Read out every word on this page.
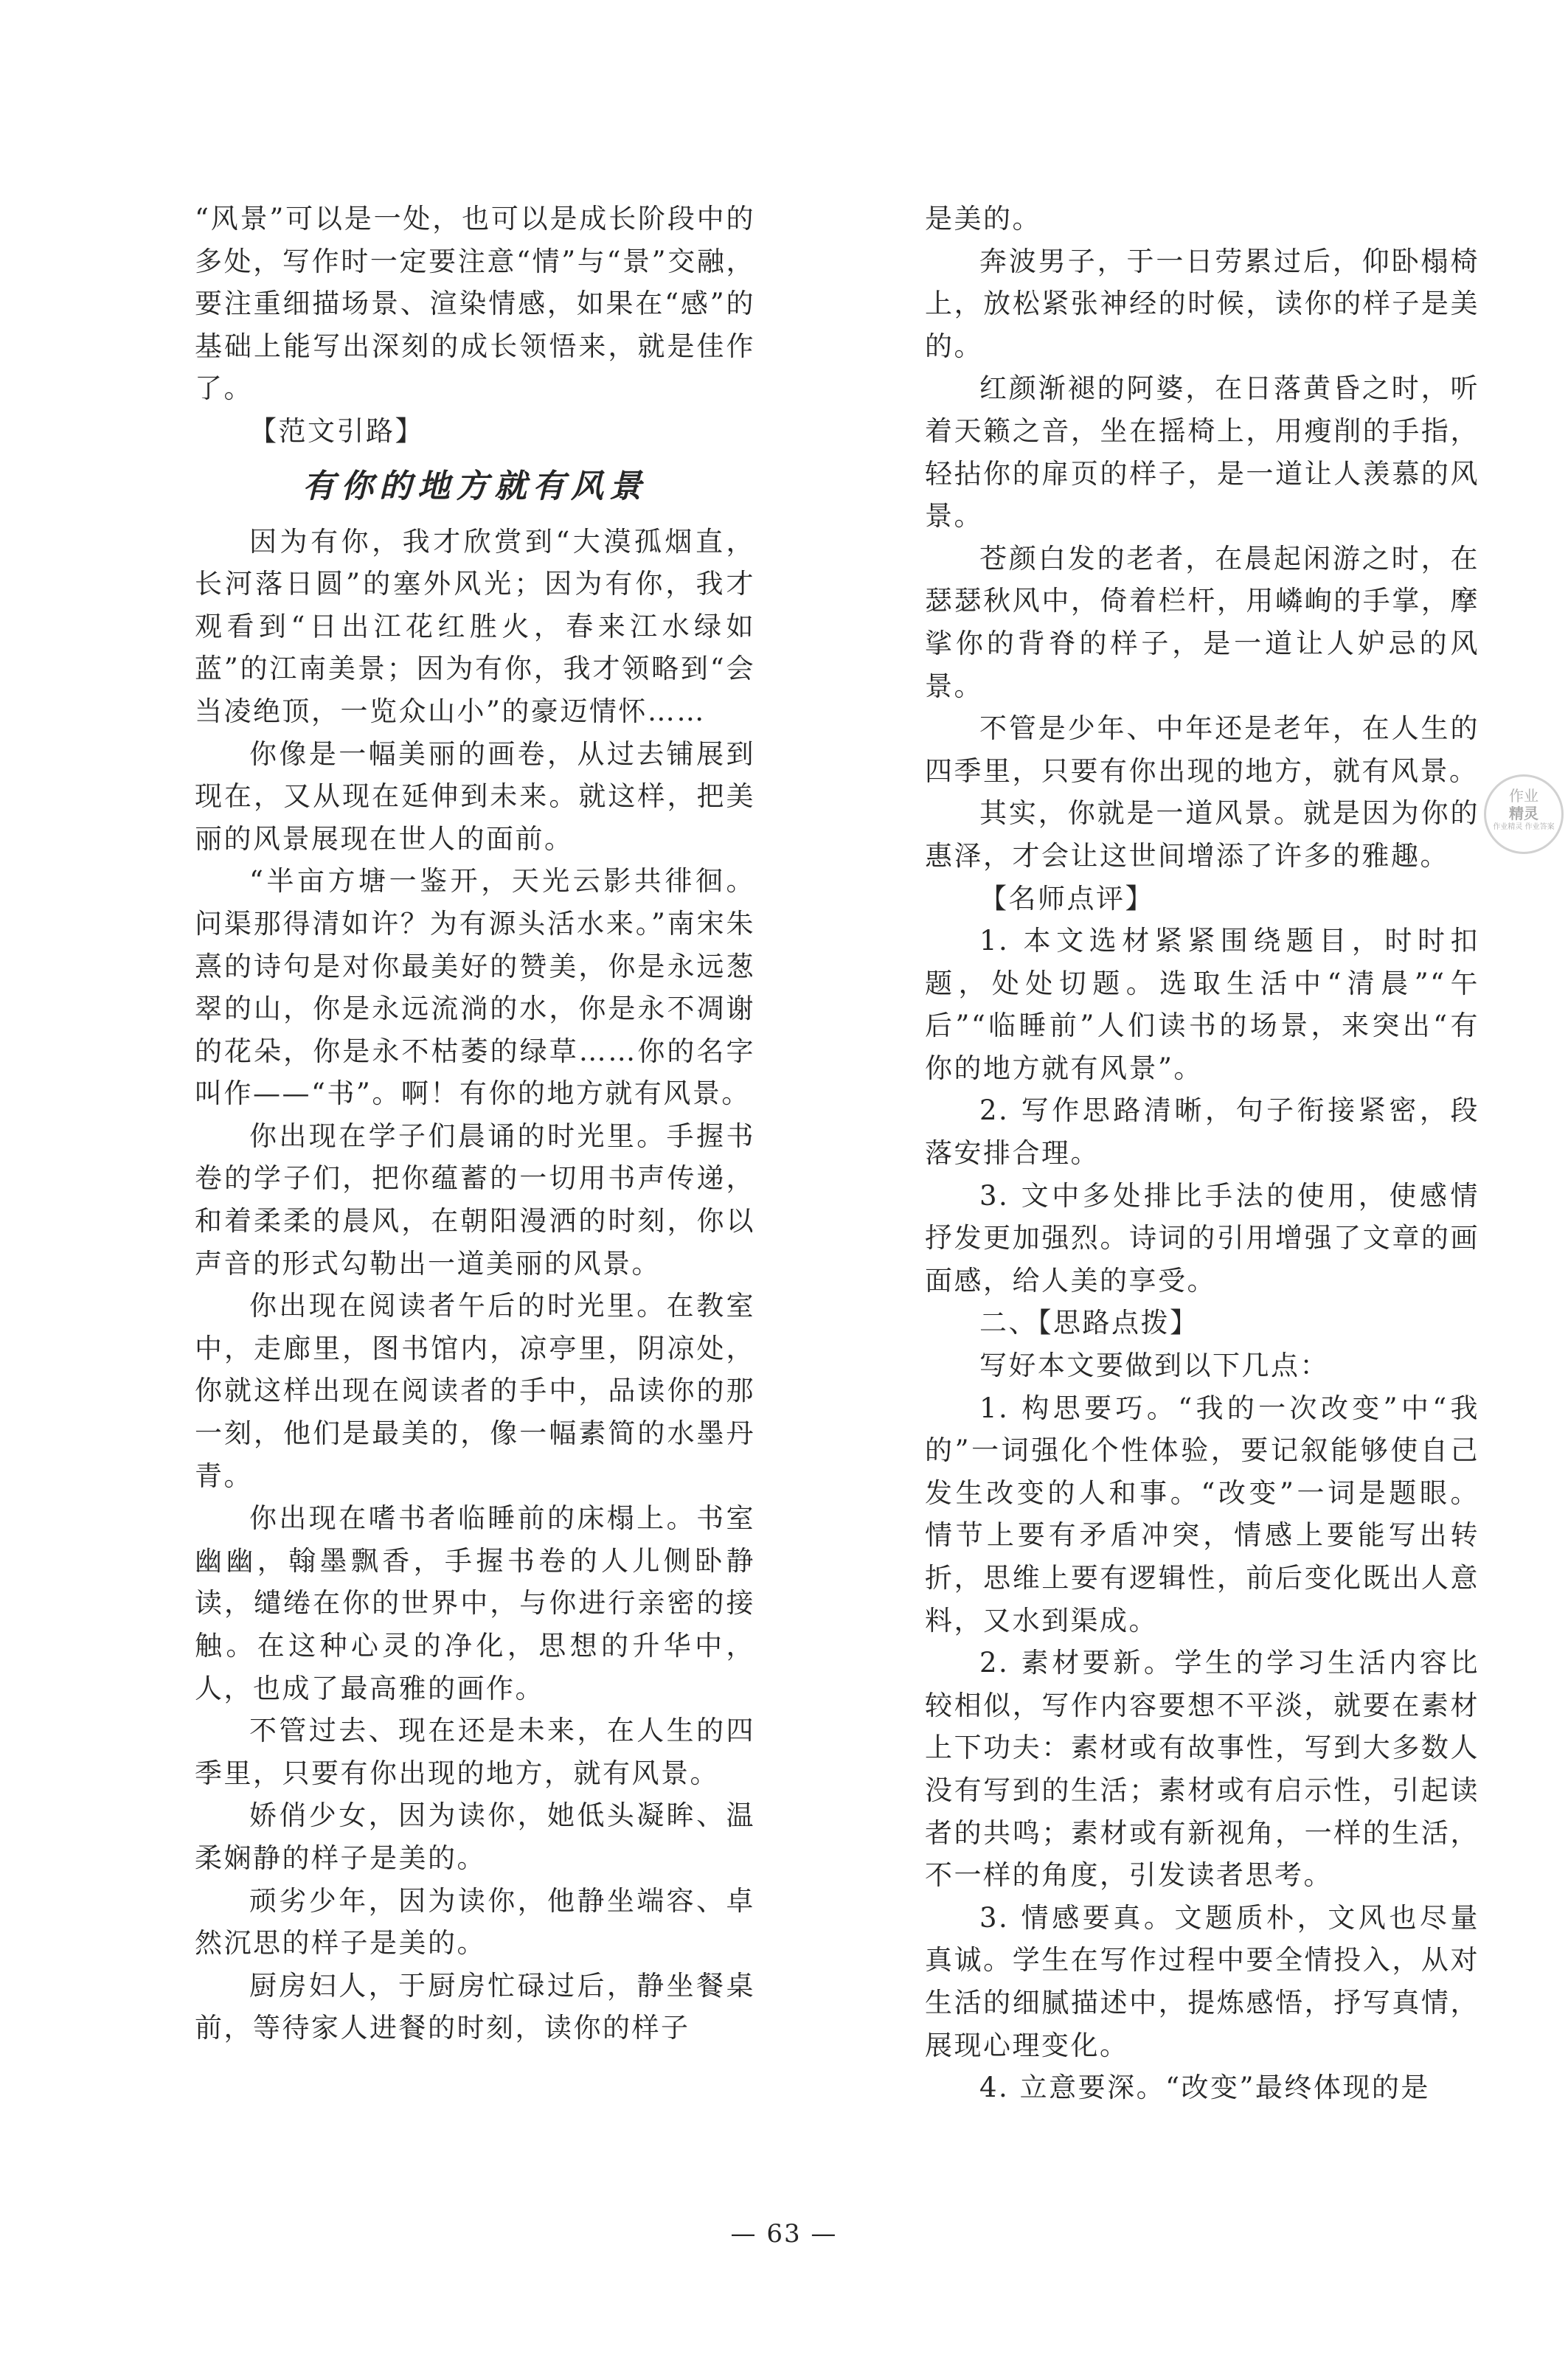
“风景”可以是一处，也可以是成长阶段中的多处，写作时一定要注意“情”与“景”交融，要注重细描场景、渲染情感，如果在“感”的基础上能写出深刻的成长领悟来，就是佳作了。

【范文引路】

有你的地方就有风景

因为有你，我才欣赏到“大漠孤烟直，长河落日圆”的塞外风光；因为有你，我才观看到“日出江花红胜火，春来江水绿如蓝”的江南美景；因为有你，我才领略到“会当凌绝顶，一览众山小”的豪迈情怀……

你像是一幅美丽的画卷，从过去铺展到现在，又从现在延伸到未来。就这样，把美丽的风景展现在世人的面前。

“半亩方塘一鉴开，天光云影共徘徊。问渠那得清如许？为有源头活水来。”南宋朱熹的诗句是对你最美好的赞美，你是永远葱翠的山，你是永远流淌的水，你是永不凋谢的花朵，你是永不枯萎的绿草……你的名字叫作——“书”。啊！有你的地方就有风景。

你出现在学子们晨诵的时光里。手握书卷的学子们，把你蕴蓄的一切用书声传递，和着柔柔的晨风，在朝阳漫洒的时刻，你以声音的形式勾勒出一道美丽的风景。

你出现在阅读者午后的时光里。在教室中，走廊里，图书馆内，凉亭里，阴凉处，你就这样出现在阅读者的手中，品读你的那一刻，他们是最美的，像一幅素简的水墨丹青。

你出现在嗜书者临睡前的床榻上。书室幽幽，翰墨飘香，手握书卷的人儿侧卧静读，缱绻在你的世界中，与你进行亲密的接触。在这种心灵的净化，思想的升华中，人，也成了最高雅的画作。

不管过去、现在还是未来，在人生的四季里，只要有你出现的地方，就有风景。

娇俏少女，因为读你，她低头凝眸、温柔娴静的样子是美的。

顽劣少年，因为读你，他静坐端容、卓然沉思的样子是美的。

厨房妇人，于厨房忙碌过后，静坐餐桌前，等待家人进餐的时刻，读你的样子

是美的。

奔波男子，于一日劳累过后，仰卧榻椅上，放松紧张神经的时候，读你的样子是美的。

红颜渐褪的阿婆，在日落黄昏之时，听着天籁之音，坐在摇椅上，用瘦削的手指，轻拈你的扉页的样子，是一道让人羡慕的风景。

苍颜白发的老者，在晨起闲游之时，在瑟瑟秋风中，倚着栏杆，用嶙峋的手掌，摩挲你的背脊的样子，是一道让人妒忌的风景。

不管是少年、中年还是老年，在人生的四季里，只要有你出现的地方，就有风景。

其实，你就是一道风景。就是因为你的惠泽，才会让这世间增添了许多的雅趣。

【名师点评】

1. 本文选材紧紧围绕题目，时时扣题，处处切题。选取生活中“清晨”“午后”“临睡前”人们读书的场景，来突出“有你的地方就有风景”。

2. 写作思路清晰，句子衔接紧密，段落安排合理。

3. 文中多处排比手法的使用，使感情抒发更加强烈。诗词的引用增强了文章的画面感，给人美的享受。

二、【思路点拨】

写好本文要做到以下几点：

1. 构思要巧。“我的一次改变”中“我的”一词强化个性体验，要记叙能够使自己发生改变的人和事。“改变”一词是题眼。情节上要有矛盾冲突，情感上要能写出转折，思维上要有逻辑性，前后变化既出人意料，又水到渠成。

2. 素材要新。学生的学习生活内容比较相似，写作内容要想不平淡，就要在素材上下功夫：素材或有故事性，写到大多数人没有写到的生活；素材或有启示性，引起读者的共鸣；素材或有新视角，一样的生活，不一样的角度，引发读者思考。

3. 情感要真。文题质朴，文风也尽量真诚。学生在写作过程中要全情投入，从对生活的细腻描述中，提炼感悟，抒写真情，展现心理变化。

4. 立意要深。“改变”最终体现的是

作业
精灵
作业精灵 作业答案
— 63 —
